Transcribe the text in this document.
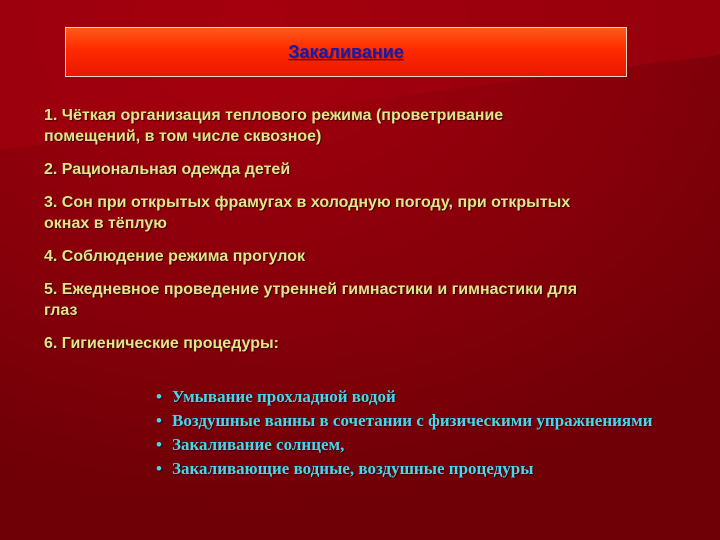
Закаливание
1. Чёткая организация теплового режима (проветривание
помещений, в том числе сквозное)
2. Рациональная одежда детей
3. Сон при открытых фрамугах в холодную погоду, при открытых
окнах в тёплую
4. Соблюдение режима прогулок
5. Ежедневное проведение утренней гимнастики и гимнастики для
глаз
6. Гигиенические процедуры:
• Умывание прохладной водой
• Воздушные ванны в сочетании с физическими упражнениями
• Закаливание солнцем,
• Закаливающие водные, воздушные процедуры
